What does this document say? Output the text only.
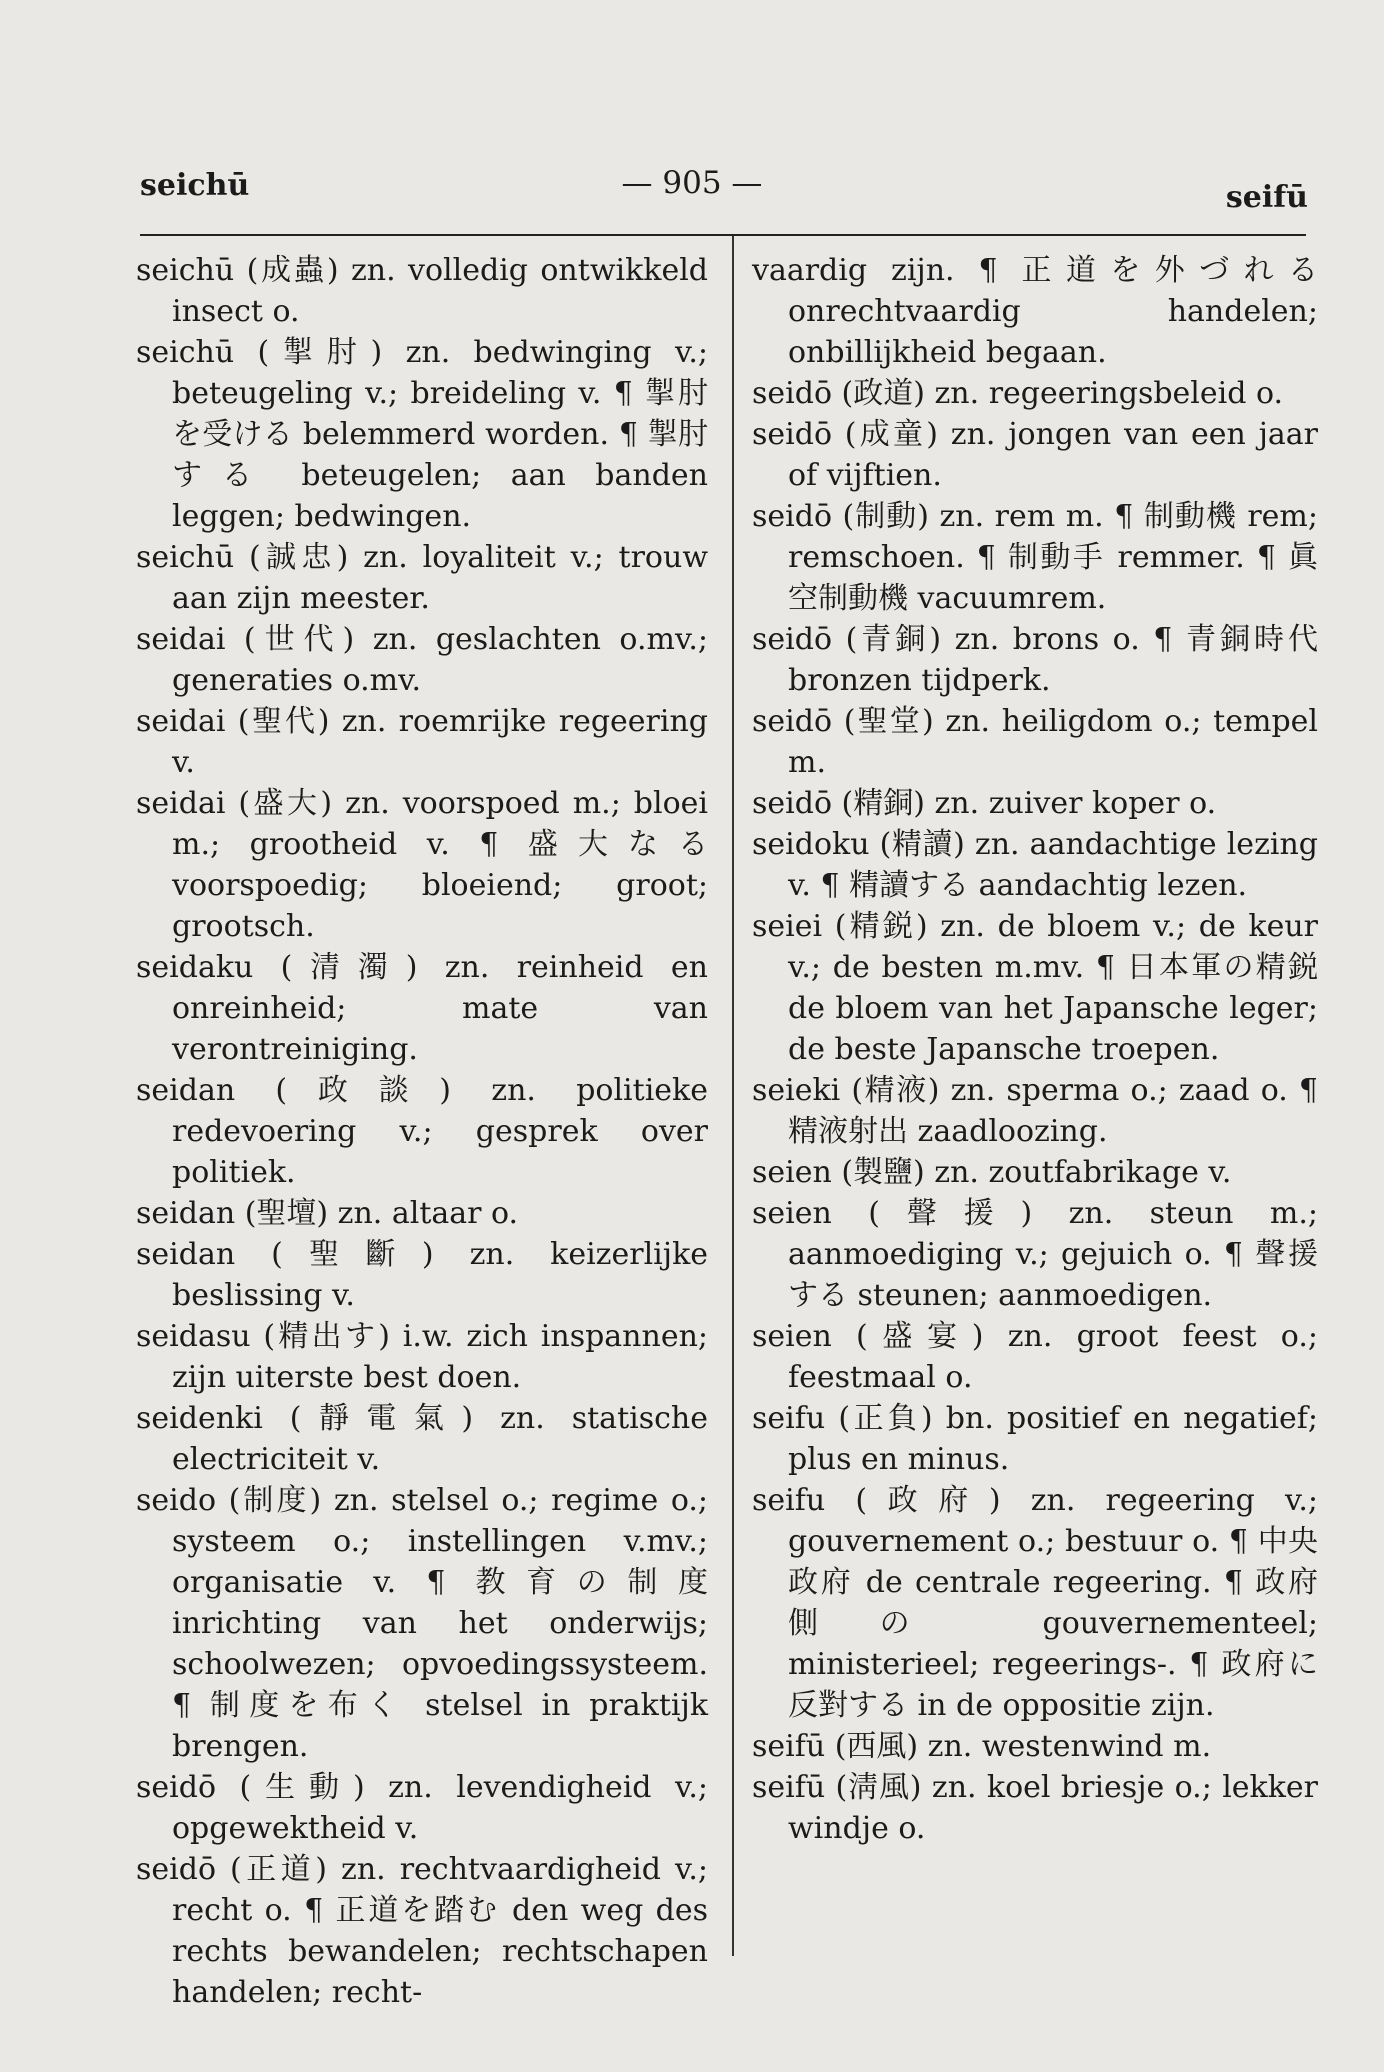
seichū	— 905 —	seifū

seichū (成蟲) zn. volledig ontwikkeld insect o.

seichū (掣肘) zn. bedwinging v.; beteugeling v.; breideling v. ¶ 掣肘を受ける belemmerd worden. ¶ 掣肘する beteugelen; aan banden leggen; bedwingen.

seichū (誠忠) zn. loyaliteit v.; trouw aan zijn meester.

seidai (世代) zn. geslachten o.mv.; generaties o.mv.

seidai (聖代) zn. roemrijke regeering v.

seidai (盛大) zn. voorspoed m.; bloei m.; grootheid v. ¶ 盛大なる voorspoedig; bloeiend; groot; grootsch.

seidaku (清濁) zn. reinheid en onreinheid; mate van verontreiniging.

seidan (政談) zn. politieke redevoering v.; gesprek over politiek.

seidan (聖壇) zn. altaar o.

seidan (聖斷) zn. keizerlijke beslissing v.

seidasu (精出す) i.w. zich inspannen; zijn uiterste best doen.

seidenki (靜電氣) zn. statische electriciteit v.

seido (制度) zn. stelsel o.; regime o.; systeem o.; instellingen v.mv.; organisatie v. ¶ 教育の制度 inrichting van het onderwijs; schoolwezen; opvoedingssysteem. ¶ 制度を布く stelsel in praktijk brengen.

seidō (生動) zn. levendigheid v.; opgewektheid v.

seidō (正道) zn. rechtvaardigheid v.; recht o. ¶ 正道を踏む den weg des rechts bewandelen; rechtschapen handelen; recht-

vaardig zijn. ¶ 正道を外づれる onrechtvaardig handelen; onbillijkheid begaan.

seidō (政道) zn. regeeringsbeleid o.

seidō (成童) zn. jongen van een jaar of vijftien.

seidō (制動) zn. rem m. ¶ 制動機 rem; remschoen. ¶ 制動手 remmer. ¶ 眞空制動機 vacuumrem.

seidō (青銅) zn. brons o. ¶ 青銅時代 bronzen tijdperk.

seidō (聖堂) zn. heiligdom o.; tempel m.

seidō (精銅) zn. zuiver koper o.

seidoku (精讀) zn. aandachtige lezing v. ¶ 精讀する aandachtig lezen.

seiei (精鋭) zn. de bloem v.; de keur v.; de besten m.mv. ¶ 日本軍の精鋭 de bloem van het Japansche leger; de beste Japansche troepen.

seieki (精液) zn. sperma o.; zaad o. ¶ 精液射出 zaadloozing.

seien (製鹽) zn. zoutfabrikage v.

seien (聲援) zn. steun m.; aanmoediging v.; gejuich o. ¶ 聲援する steunen; aanmoedigen.

seien (盛宴) zn. groot feest o.; feestmaal o.

seifu (正負) bn. positief en negatief; plus en minus.

seifu (政府) zn. regeering v.; gouvernement o.; bestuur o. ¶ 中央政府 de centrale regeering. ¶ 政府側の gouvernementeel; ministerieel; regeerings-. ¶ 政府に反對する in de oppositie zijn.

seifū (西風) zn. westenwind m.

seifū (淸風) zn. koel briesje o.; lekker windje o.
